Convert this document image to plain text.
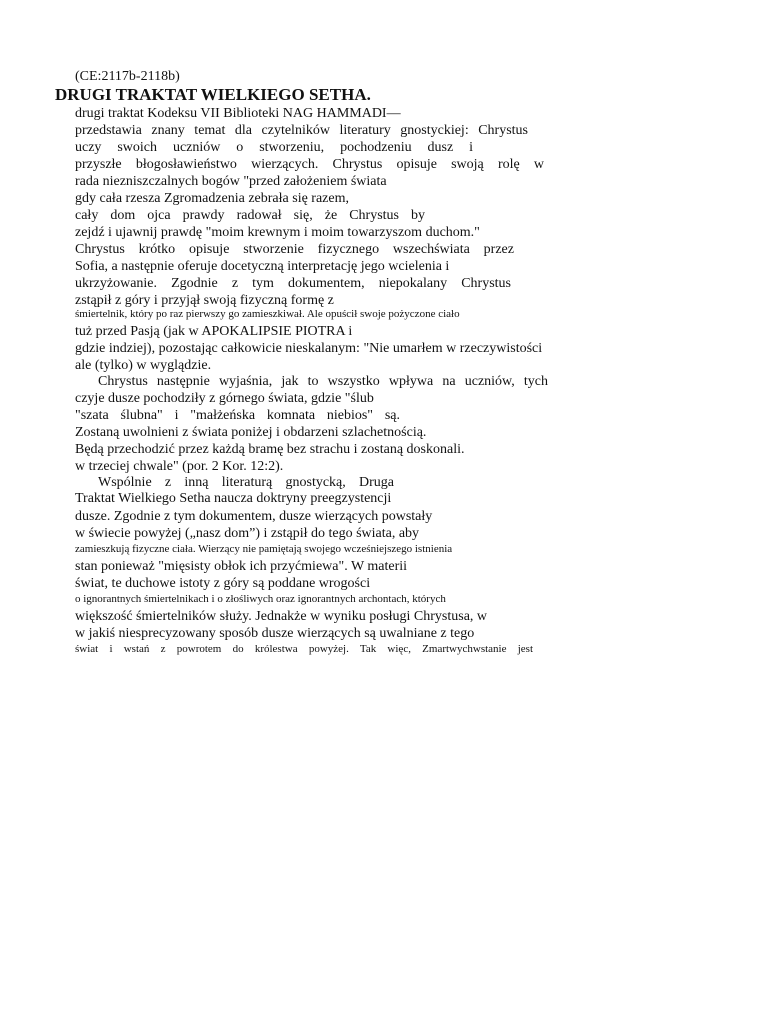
(CE:2117b-2118b)
DRUGI TRAKTAT WIELKIEGO SETHA.
drugi traktat Kodeksu VII Biblioteki NAG HAMMADI—
przedstawia znany temat dla czytelników literatury gnostyckiej: Chrystus
uczy swoich uczniów o stworzeniu, pochodzeniu dusz i
przyszłe błogosławieństwo wierzących. Chrystus opisuje swoją rolę w
rada niezniszczalnych bogów "przed założeniem świata
gdy cała rzesza Zgromadzenia zebrała się razem,
cały dom ojca prawdy radował się, że Chrystus by
zejdź i ujawnij prawdę "moim krewnym i moim towarzyszom duchom."
Chrystus krótko opisuje stworzenie fizycznego wszechświata przez
Sofia, a następnie oferuje docetyczną interpretację jego wcielenia i
ukrzyżowanie. Zgodnie z tym dokumentem, niepokalany Chrystus
zstąpił z góry i przyjął swoją fizyczną formę z
śmiertelnik, który po raz pierwszy go zamieszkiwał. Ale opuścił swoje pożyczone ciało
tuż przed Pasją (jak w APOKALIPSIE PIOTRA i
gdzie indziej), pozostając całkowicie nieskalanym: "Nie umarłem w rzeczywistości
ale (tylko) w wyglądzie.
Chrystus następnie wyjaśnia, jak to wszystko wpływa na uczniów, tych
czyje dusze pochodziły z górnego świata, gdzie "ślub
"szata ślubna" i "małżeńska komnata niebios" są.
Zostaną uwolnieni z świata poniżej i obdarzeni szlachetnością.
Będą przechodzić przez każdą bramę bez strachu i zostaną doskonali.
w trzeciej chwale" (por. 2 Kor. 12:2).
Wspólnie z inną literaturą gnostycką, Druga
Traktat Wielkiego Setha naucza doktryny preegzystencji
dusze. Zgodnie z tym dokumentem, dusze wierzących powstały
w świecie powyżej („nasz dom”) i zstąpił do tego świata, aby
zamieszkują fizyczne ciała. Wierzący nie pamiętają swojego wcześniejszego istnienia
stan ponieważ "mięsisty obłok ich przyćmiewa". W materii
świat, te duchowe istoty z góry są poddane wrogości
o ignorantnych śmiertelnikach i o złośliwych oraz ignorantnych archontach, których
większość śmiertelników służy. Jednakże w wyniku posługi Chrystusa, w
w jakiś niesprecyzowany sposób dusze wierzących są uwalniane z tego
świat i wstań z powrotem do królestwa powyżej. Tak więc, Zmartwychwstanie jest
